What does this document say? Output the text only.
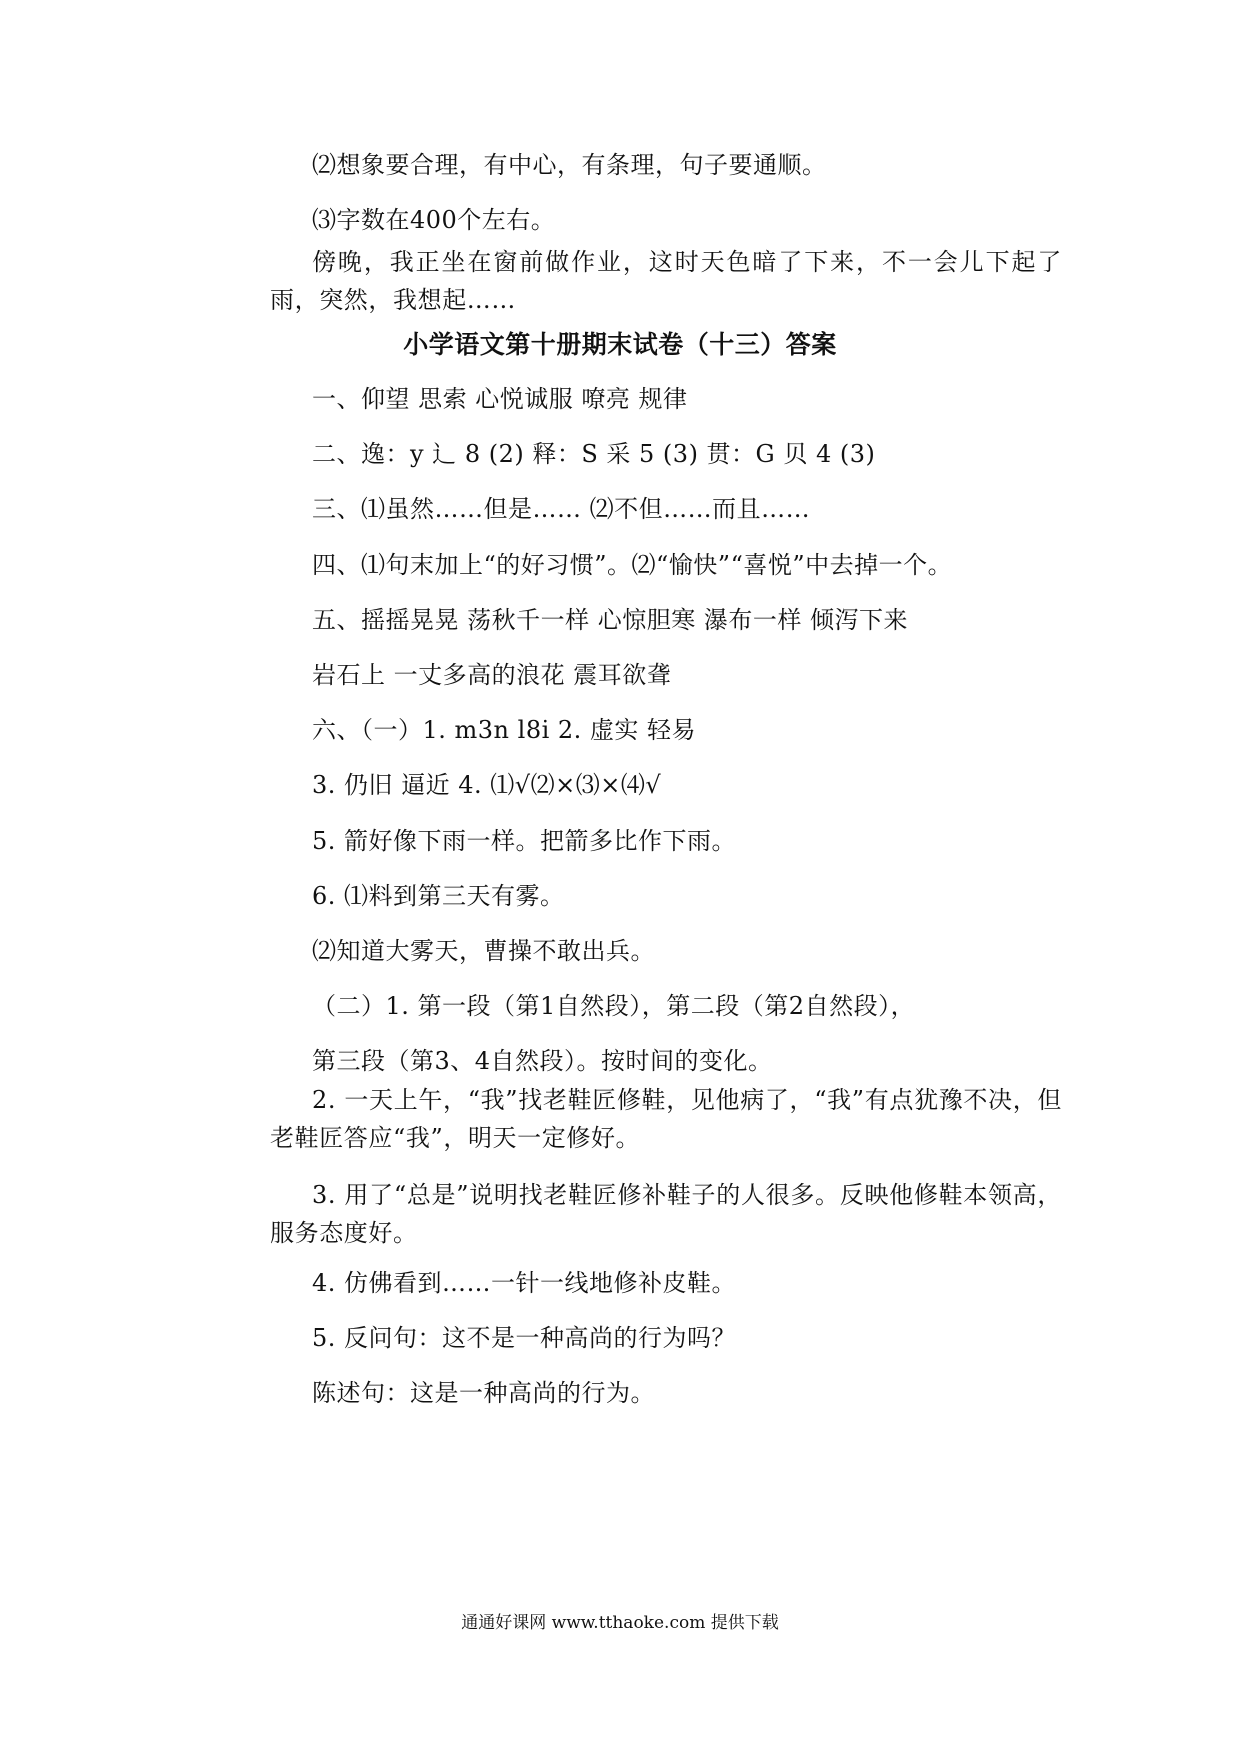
⑵想象要合理，有中心，有条理，句子要通顺。
⑶字数在400个左右。
傍晚，我正坐在窗前做作业，这时天色暗了下来，不一会儿下起了雨，突然，我想起……
小学语文第十册期末试卷（十三）答案
一、仰望 思索 心悦诚服 嘹亮 规律
二、逸：y ⻌ 8 (2) 释：S 采 5 (3) 贯：G 贝 4 (3)
三、⑴虽然……但是…… ⑵不但……而且……
四、⑴句末加上“的好习惯”。⑵“愉快”“喜悦”中去掉一个。
五、摇摇晃晃 荡秋千一样 心惊胆寒 瀑布一样 倾泻下来
岩石上 一丈多高的浪花 震耳欲聋
六、（一）1. m3n l8i 2. 虚实 轻易
3. 仍旧 逼近 4. ⑴√⑵×⑶×⑷√
5. 箭好像下雨一样。把箭多比作下雨。
6. ⑴料到第三天有雾。
⑵知道大雾天，曹操不敢出兵。
（二）1. 第一段（第1自然段），第二段（第2自然段），
第三段（第3、4自然段）。按时间的变化。
2. 一天上午，“我”找老鞋匠修鞋，见他病了，“我”有点犹豫不决，但老鞋匠答应“我”，明天一定修好。
3. 用了“总是”说明找老鞋匠修补鞋子的人很多。反映他修鞋本领高，服务态度好。
4. 仿佛看到……一针一线地修补皮鞋。
5. 反问句：这不是一种高尚的行为吗？
陈述句：这是一种高尚的行为。
通通好课网 www.tthaoke.com 提供下载
